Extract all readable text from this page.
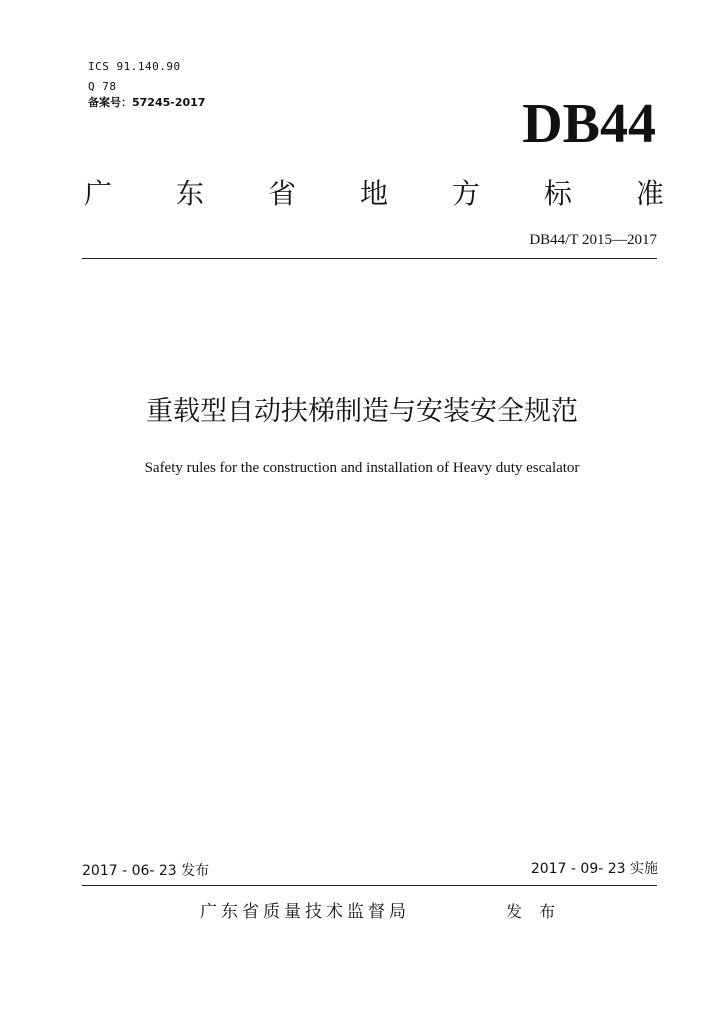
ICS 91.140.90
Q 78
备案号：57245-2017	DB44
广 东 省 地 方 标 准
DB44/T 2015—2017
重载型自动扶梯制造与安装安全规范
Safety rules for the construction and installation of Heavy duty escalator
2017 - 06- 23 发布	2017 - 09- 23 实施
广东省质量技术监督局	发 布
